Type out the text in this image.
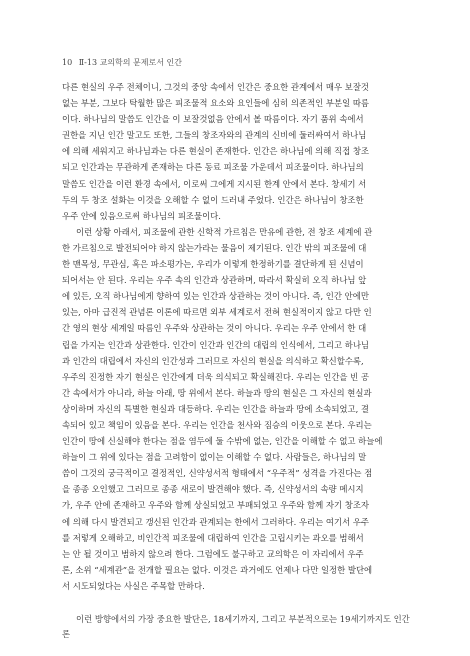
10 Ⅱ-13 교의학의 문제로서 인간
다른 현실의 우주 전체이니, 그것의 중앙 속에서 인간은 중요한 관계에서 매우 보잘것
없는 부분, 그보다 탁월한 많은 피조물적 요소와 요인들에 심히 의존적인 부분일 따름
이다. 하나님의 말씀도 인간을 이 보잘것없음 안에서 볼 따름이다. 자기 품위 속에서
권한을 지닌 인간 말고도 또한, 그들의 창조자와의 관계의 신비에 둘러싸여서 하나님
에 의해 세워지고 하나님과는 다른 현실이 존재한다. 인간은 하나님에 의해 직접 창조
되고 인간과는 무관하게 존재하는 다른 동료 피조물 가운데서 피조물이다. 하나님의
말씀도 인간을 이런 환경 속에서, 이로써 그에게 지시된 한계 안에서 본다. 창세기 서
두의 두 창조 설화는 이것을 오해할 수 없이 드러내 주었다. 인간은 하나님이 창조한
우주 안에 있음으로써 하나님의 피조물이다.
이런 상황 아래서, 피조물에 관한 신학적 가르침은 만유에 관한, 전 창조 세계에 관
한 가르침으로 발전되어야 하지 않는가라는 물음이 제기된다. 인간 밖의 피조물에 대
한 맨목성, 무관심, 혹은 파소평가는, 우리가 이렇게 한정하기를 결단하게 된 신념이
되어서는 안 된다. 우리는 우주 속의 인간과 상관하며, 따라서 확실히 오직 하나님 앞
에 있든, 오직 하나님에게 향하여 있는 인간과 상관하는 것이 아니다. 즉, 인간 안에만
있는, 아마 급진적 관념론 이론에 따르면 외부 세계로서 전혀 현실적이지 않고 다만 인
간 영의 현상 세계일 따름인 우주와 상관하는 것이 아니다. 우리는 우주 안에서 한 대
립을 가지는 인간과 상관한다. 인간이 인간과 인간의 대립의 인식에서, 그리고 하나님
과 인간의 대립에서 자신의 인간성과 그러므로 자신의 현실을 의식하고 확신할수록,
우주의 진정한 자기 현실은 인간에게 더욱 의식되고 확실해진다. 우리는 인간을 빈 공
간 속에서가 아니라, 하늘 아래, 땅 위에서 본다. 하늘과 땅의 현실은 그 자신의 현실과
상이하며 자신의 특별한 현실과 대등하다. 우리는 인간을 하늘과 땅에 소속되었고, 결
속되어 있고 책임이 있음을 본다. 우리는 인간을 천사와 짐승의 이웃으로 본다. 우리는
인간이 땅에 신실해야 한다는 점을 염두에 둘 수밖에 없는, 인간을 이해할 수 없고 하늘에
하늘이 그 위에 있다는 점을 고려함이 없이는 이해할 수 없다. 사람들은, 하나님의 말
씀이 그것의 궁극적이고 결정적인, 신약성서적 형태에서 “우주적” 성격을 가진다는 점
을 종종 오인했고 그러므로 종종 새로이 발견해야 했다. 즉, 신약성서의 속량 메시지
가, 우주 안에 존재하고 우주와 함께 상실되었고 부패되었고 우주와 함께 자기 창조자
에 의해 다시 발견되고 갱신된 인간과 관계되는 한에서 그러하다. 우리는 여기서 우주
를 저렇게 오해하고, 비인간적 피조물에 대립하여 인간을 고립시키는 과오를 범해서
는 안 될 것이고 범하지 않으려 한다. 그럼에도 불구하고 교의학은 이 자리에서 우주
론, 소위 “세계관”을 전개할 필요는 없다. 이것은 과거에도 언제나 다만 일정한 발단에
서 시도되었다는 사실은 주목할 만하다.
이런 방향에서의 가장 중요한 발단은, 18세기까지, 그리고 부분적으로는 19세기까지도 인간론
